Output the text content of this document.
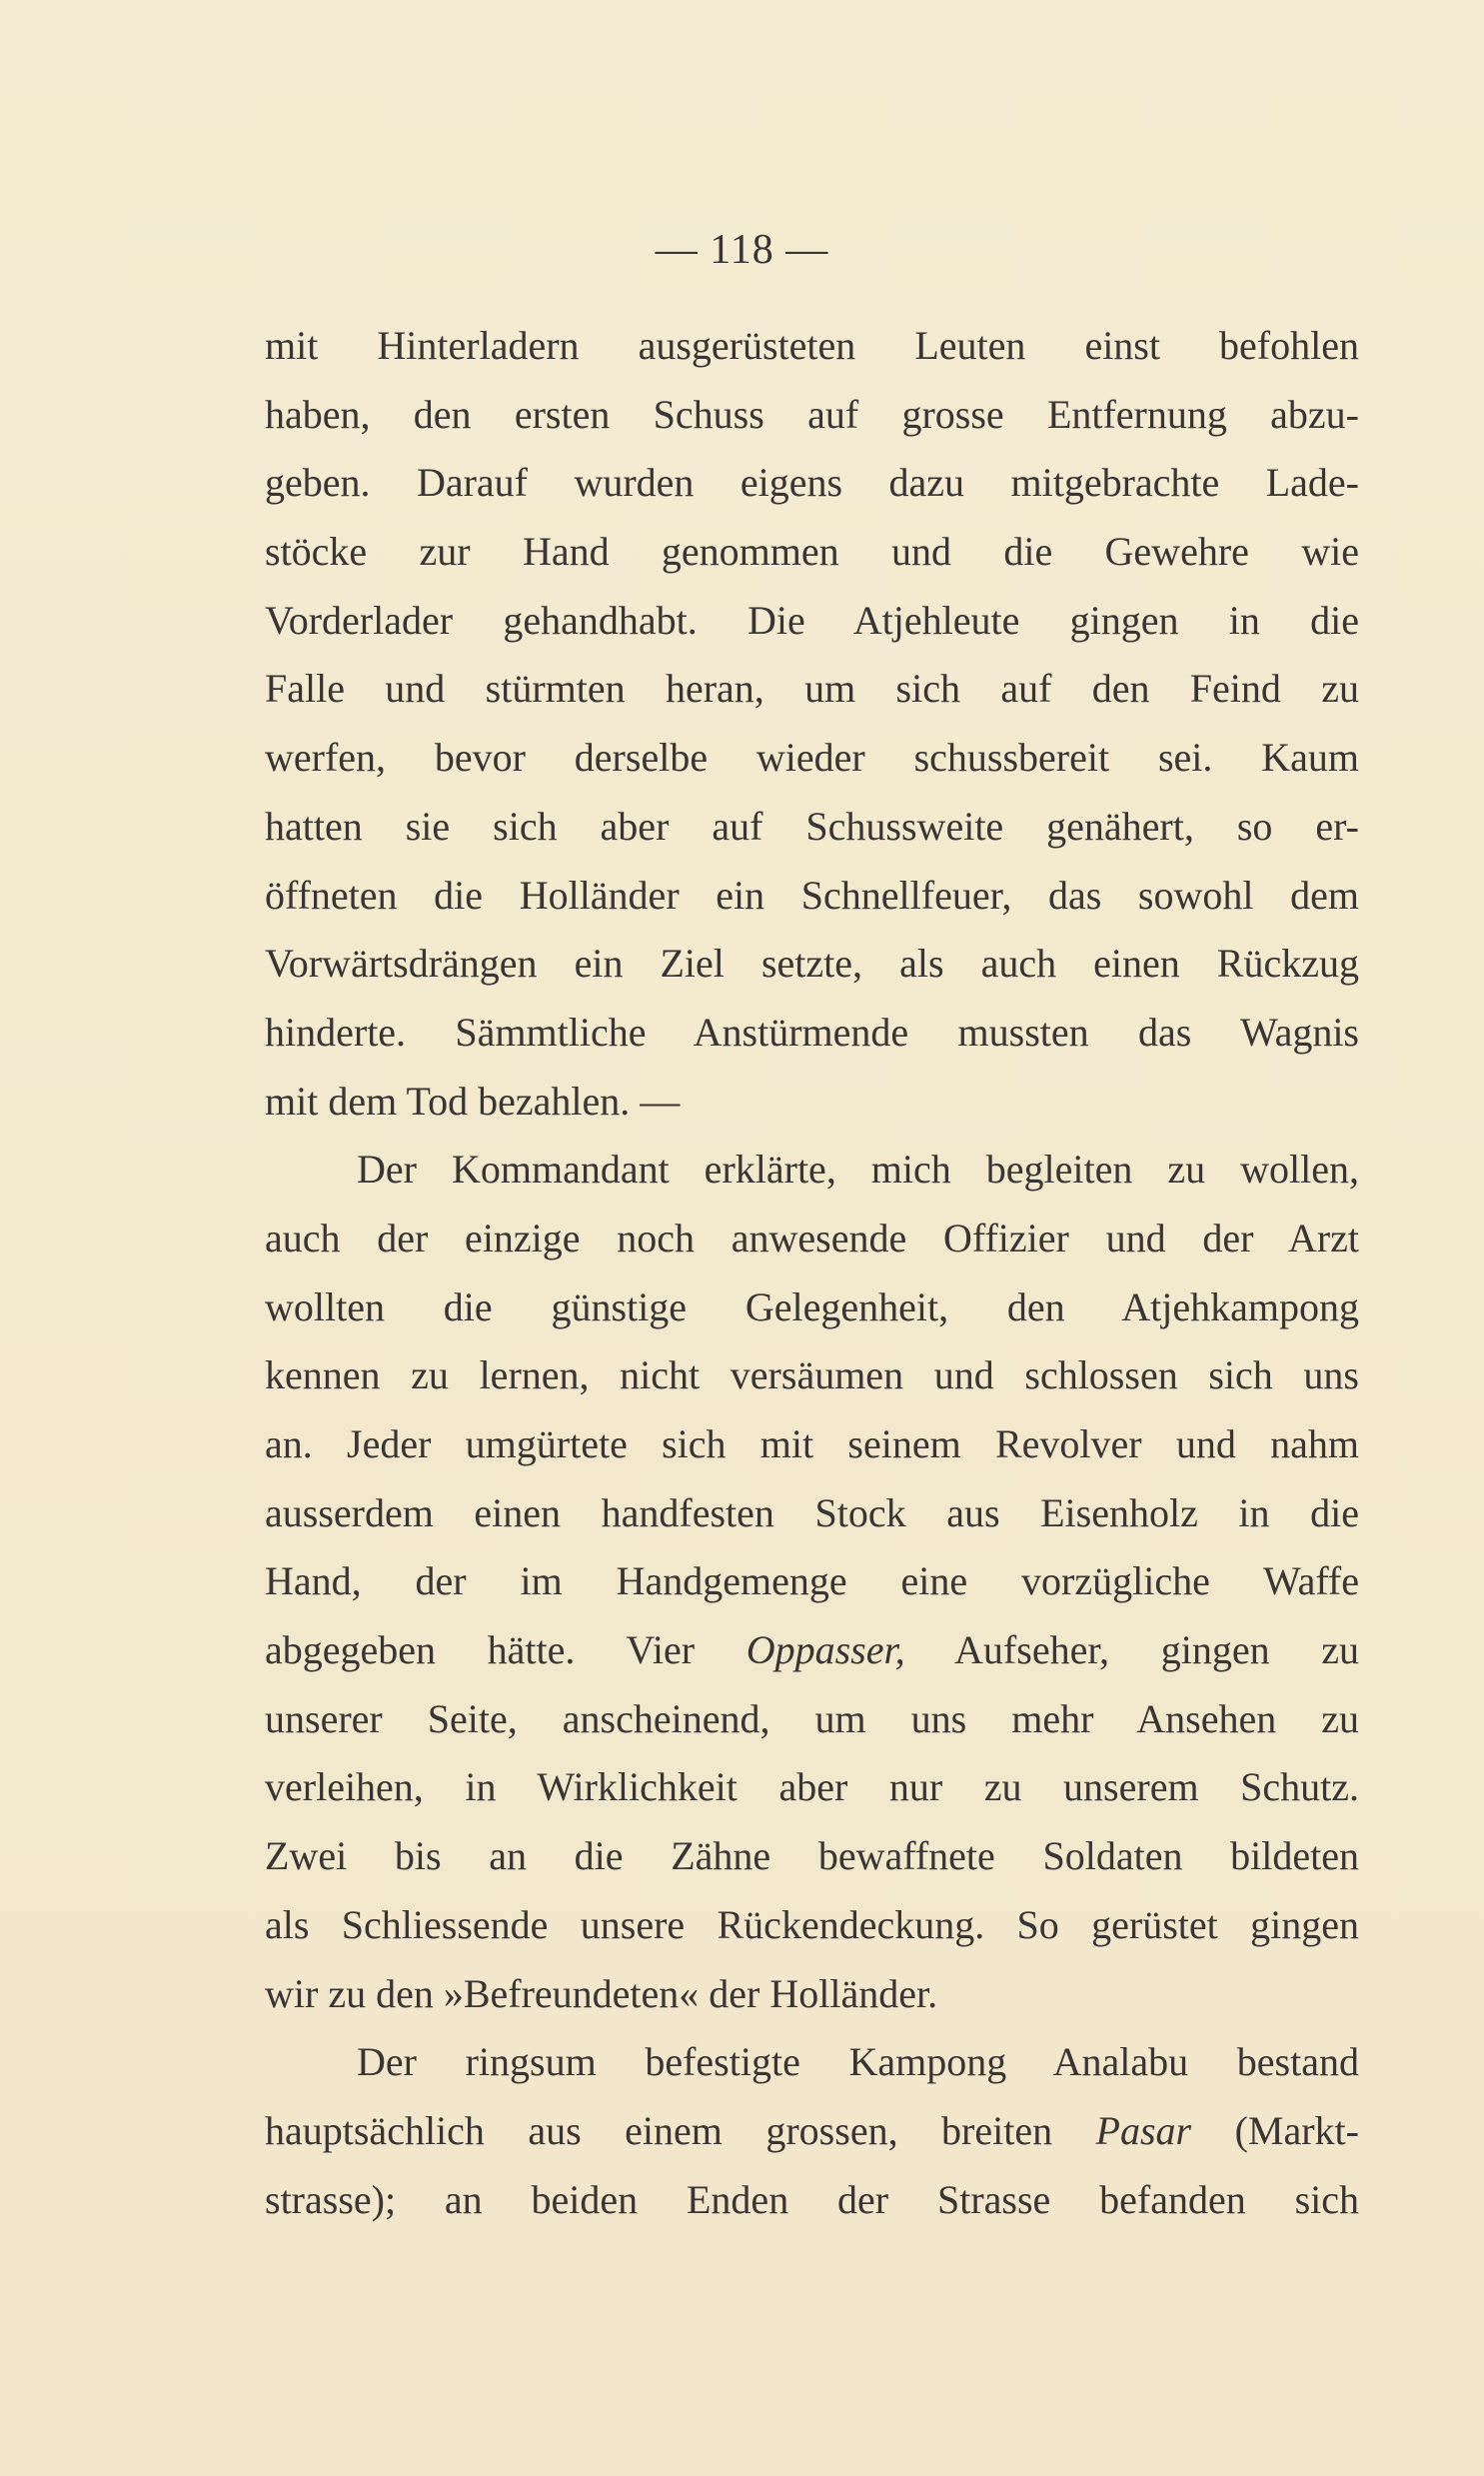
— 118 —
mit Hinterladern ausgerüsteten Leuten einst befohlen
haben, den ersten Schuss auf grosse Entfernung abzu-
geben. Darauf wurden eigens dazu mitgebrachte Lade-
stöcke zur Hand genommen und die Gewehre wie
Vorderlader gehandhabt. Die Atjehleute gingen in die
Falle und stürmten heran, um sich auf den Feind zu
werfen, bevor derselbe wieder schussbereit sei. Kaum
hatten sie sich aber auf Schussweite genähert, so er-
öffneten die Holländer ein Schnellfeuer, das sowohl dem
Vorwärtsdrängen ein Ziel setzte, als auch einen Rückzug
hinderte. Sämmtliche Anstürmende mussten das Wagnis
mit dem Tod bezahlen. —
Der Kommandant erklärte, mich begleiten zu wollen,
auch der einzige noch anwesende Offizier und der Arzt
wollten die günstige Gelegenheit, den Atjehkampong
kennen zu lernen, nicht versäumen und schlossen sich uns
an. Jeder umgürtete sich mit seinem Revolver und nahm
ausserdem einen handfesten Stock aus Eisenholz in die
Hand, der im Handgemenge eine vorzügliche Waffe
abgegeben hätte. Vier Oppasser, Aufseher, gingen zu
unserer Seite, anscheinend, um uns mehr Ansehen zu
verleihen, in Wirklichkeit aber nur zu unserem Schutz.
Zwei bis an die Zähne bewaffnete Soldaten bildeten
als Schliessende unsere Rückendeckung. So gerüstet gingen
wir zu den »Befreundeten« der Holländer.
Der ringsum befestigte Kampong Analabu bestand
hauptsächlich aus einem grossen, breiten Pasar (Markt-
strasse); an beiden Enden der Strasse befanden sich
